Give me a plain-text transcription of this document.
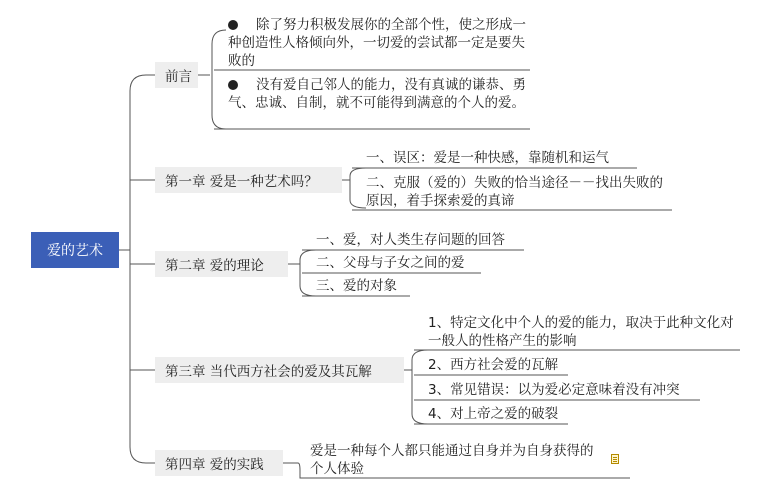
爱的艺术
前言
除了努力积极发展你的全部个性，使之形成一种创造性人格倾向外，一切爱的尝试都一定是要失败的
没有爱自己邻人的能力，没有真诚的谦恭、勇气、忠诚、自制，就不可能得到满意的个人的爱。
第一章 爱是一种艺术吗？
一、误区：爱是一种快感，靠随机和运气
二、克服（爱的）失败的恰当途径－－找出失败的原因，着手探索爱的真谛
第二章 爱的理论
一、爱，对人类生存问题的回答
二、父母与子女之间的爱
三、爱的对象
第三章 当代西方社会的爱及其瓦解
1、特定文化中个人的爱的能力，取决于此种文化对一般人的性格产生的影响
2、西方社会爱的瓦解
3、常见错误：以为爱必定意味着没有冲突
4、对上帝之爱的破裂
第四章 爱的实践
爱是一种每个人都只能通过自身并为自身获得的个人体验
